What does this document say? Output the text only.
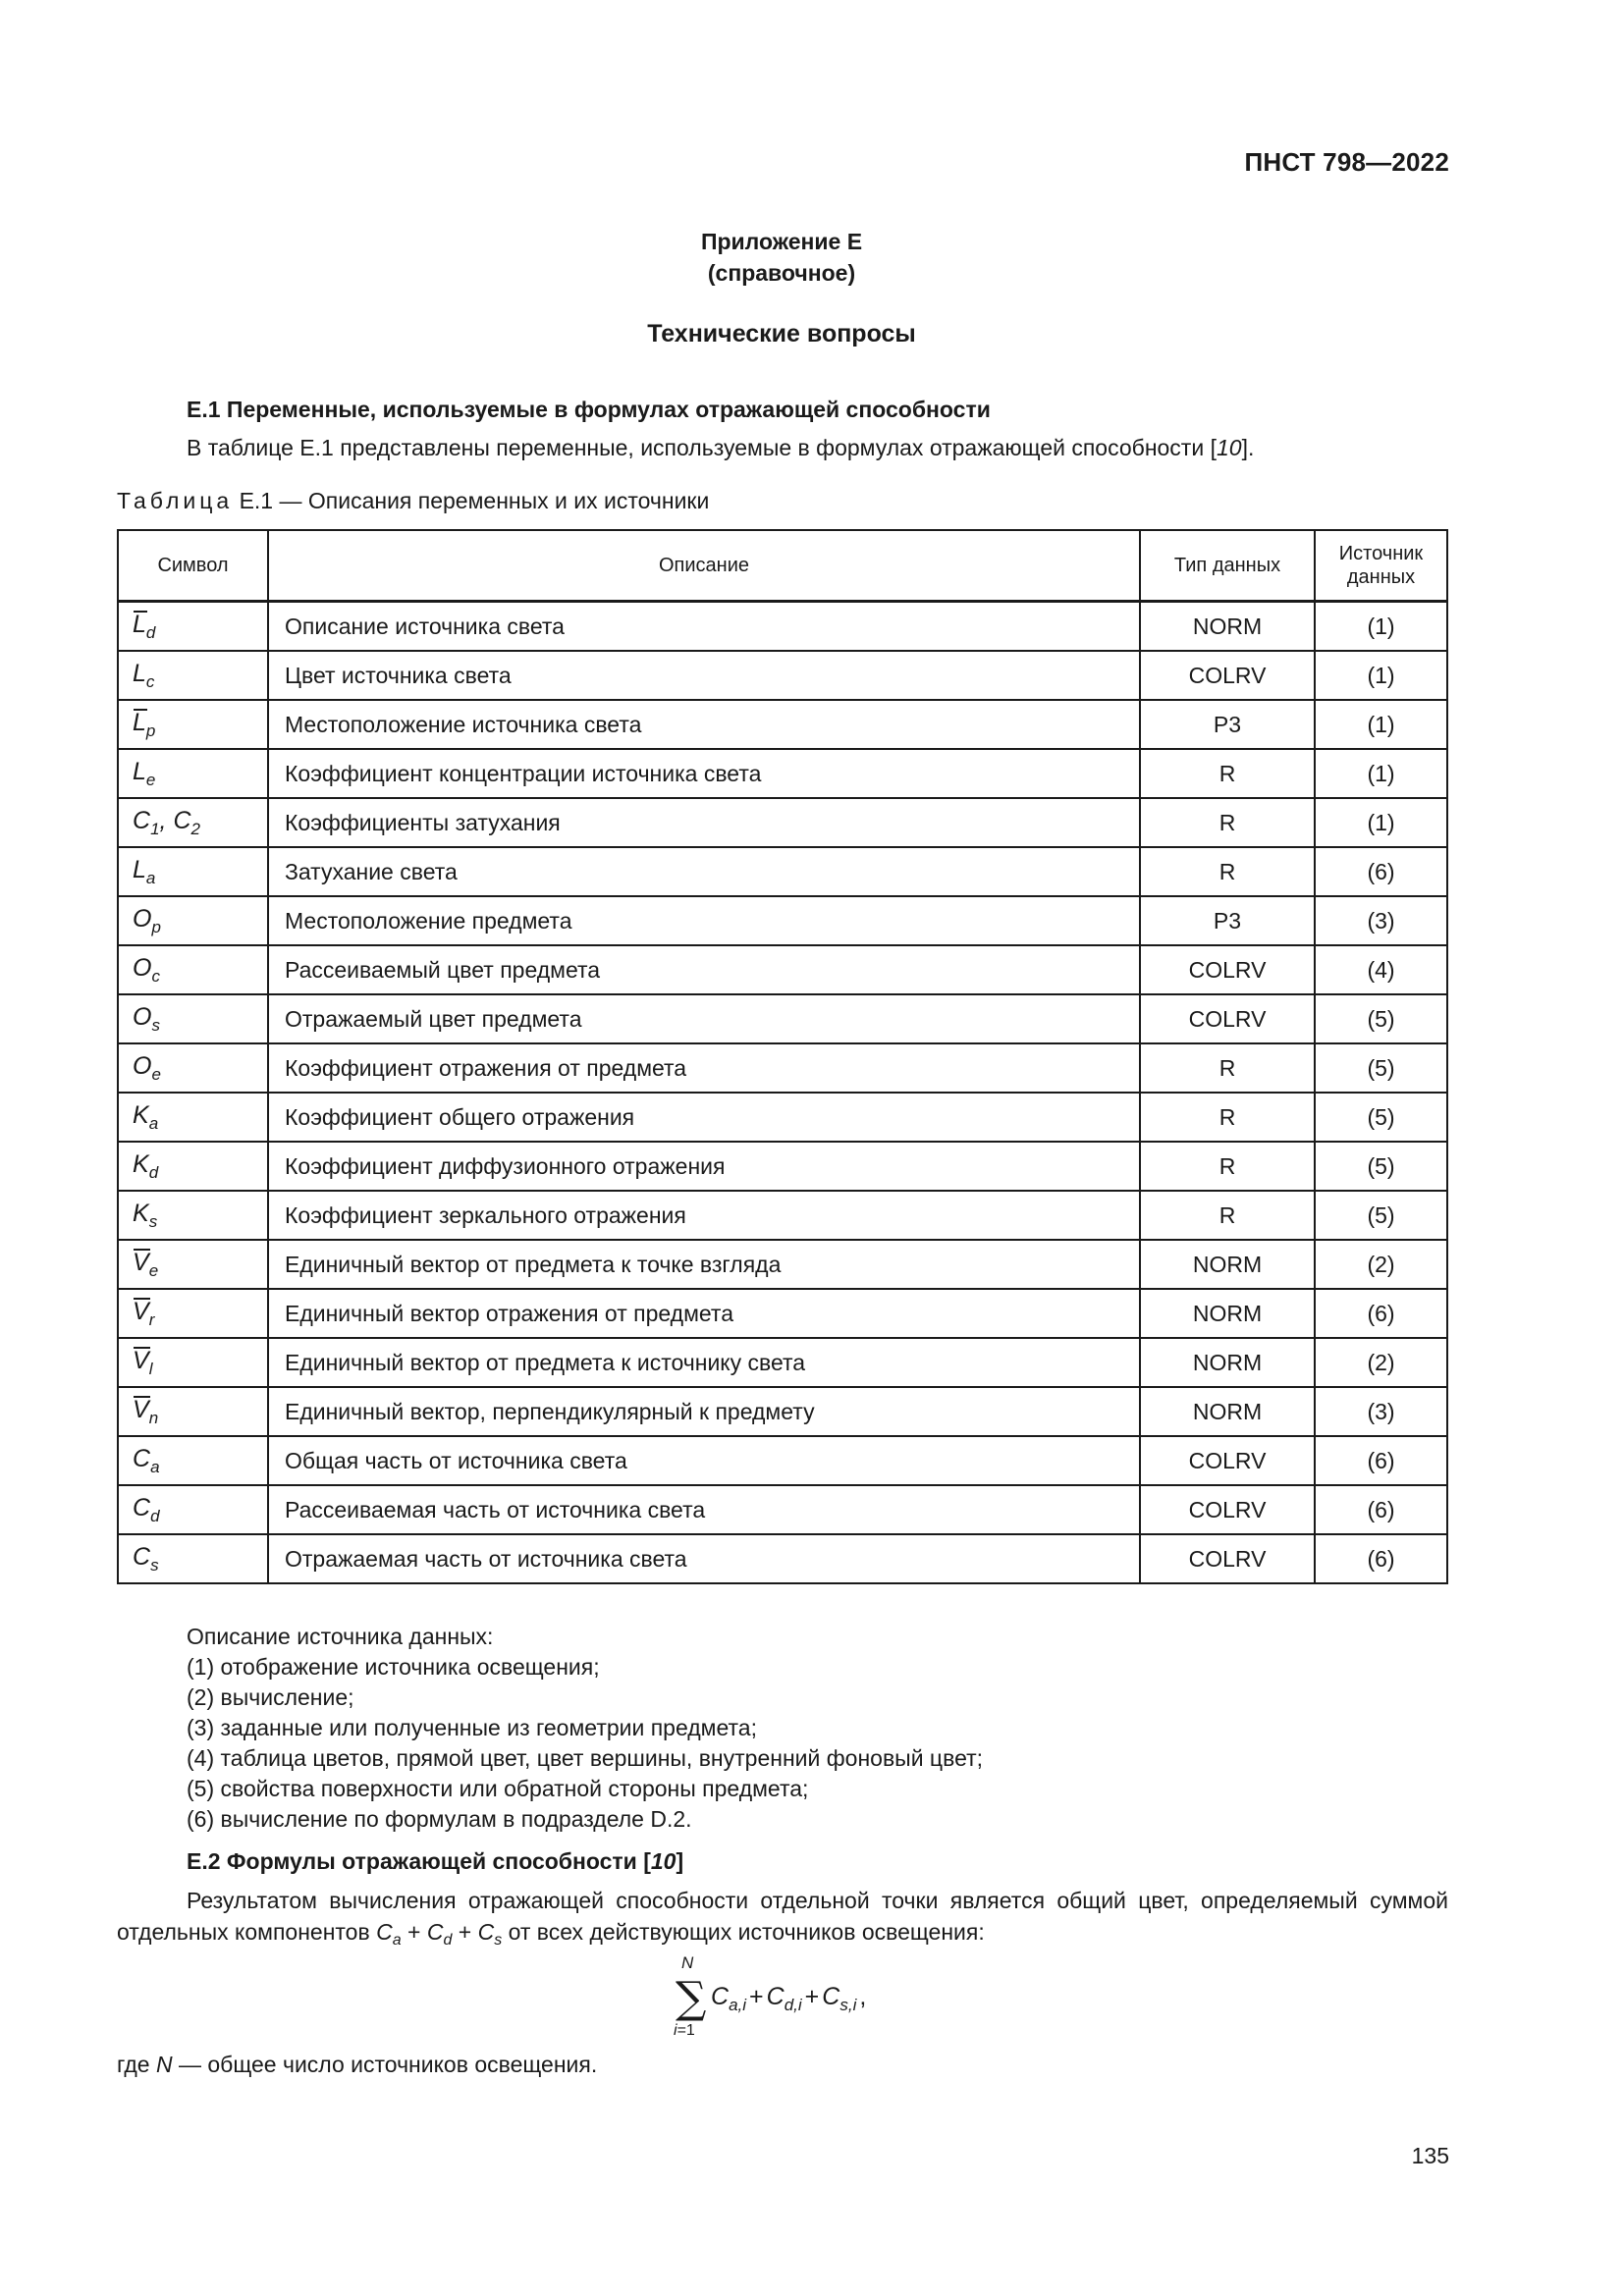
ПНСТ 798—2022
Приложение Е
(справочное)
Технические вопросы
Е.1 Переменные, используемые в формулах отражающей способности
В таблице Е.1 представлены переменные, используемые в формулах отражающей способности [10].
Таблица Е.1 — Описания переменных и их источники
Символ	Описание	Тип данных	Источник
данных
$L_d$	Описание источника света	NORM	(1)
$L_c$	Цвет источника света	COLRV	(1)
$L_p$	Местоположение источника света	P3	(1)
$L_e$	Коэффициент концентрации источника света	R	(1)
$C_1$, $C_2$	Коэффициенты затухания	R	(1)
$L_a$	Затухание света	R	(6)
$O_p$	Местоположение предмета	P3	(3)
$O_c$	Рассеиваемый цвет предмета	COLRV	(4)
$O_s$	Отражаемый цвет предмета	COLRV	(5)
$O_e$	Коэффициент отражения от предмета	R	(5)
$K_a$	Коэффициент общего отражения	R	(5)
$K_d$	Коэффициент диффузионного отражения	R	(5)
$K_s$	Коэффициент зеркального отражения	R	(5)
$V_e$	Единичный вектор от предмета к точке взгляда	NORM	(2)
$V_r$	Единичный вектор отражения от предмета	NORM	(6)
$V_l$	Единичный вектор от предмета к источнику света	NORM	(2)
$V_n$	Единичный вектор, перпендикулярный к предмету	NORM	(3)
$C_a$	Общая часть от источника света	COLRV	(6)
$C_d$	Рассеиваемая часть от источника света	COLRV	(6)
$C_s$	Отражаемая часть от источника света	COLRV	(6)
Описание источника данных:
(1) отображение источника освещения;
(2) вычисление;
(3) заданные или полученные из геометрии предмета;
(4) таблица цветов, прямой цвет, цвет вершины, внутренний фоновый цвет;
(5) свойства поверхности или обратной стороны предмета;
(6) вычисление по формулам в подразделе D.2.
Е.2 Формулы отражающей способности [10]
Результатом вычисления отражающей способности отдельной точки является общий цвет, определяемый суммой отдельных компонентов $C_a + C_d + C_s$ от всех действующих источников освещения:
N
∑
i=1
$C_{a,i} + C_{d,i} + C_{s,i}$ ,
где N — общее число источников освещения.
135
